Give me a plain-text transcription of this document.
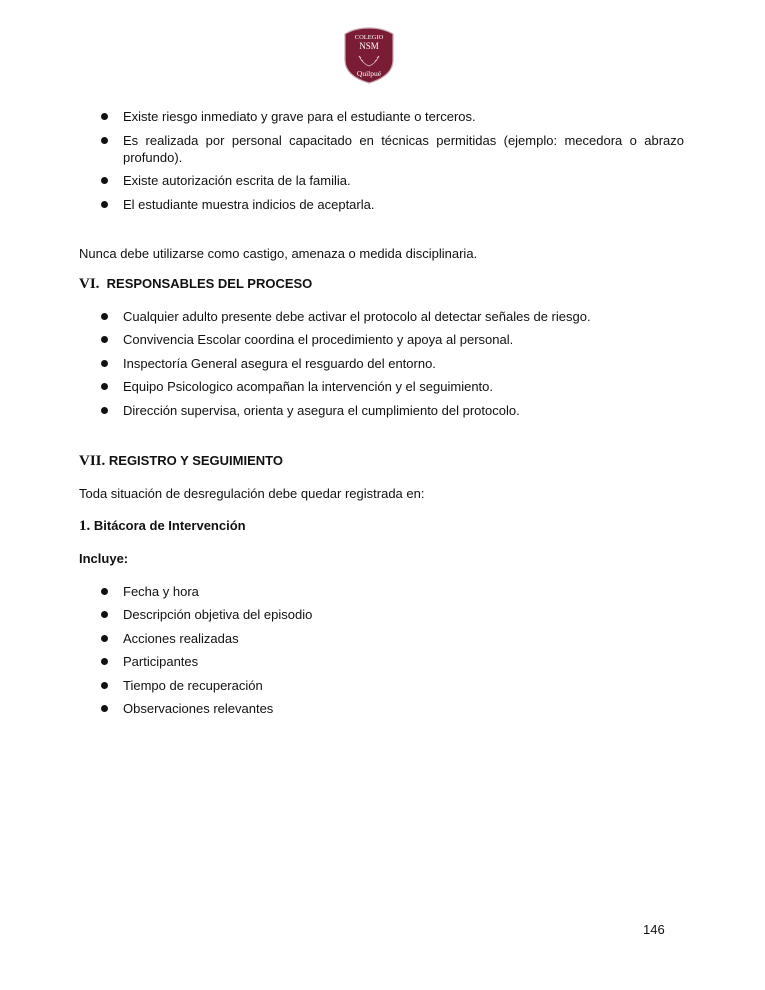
COLEGIO
NSM
Quilpué
Existe riesgo inmediato y grave para el estudiante o terceros.
Es realizada por personal capacitado en técnicas permitidas (ejemplo: mecedora o abrazo profundo).
Existe autorización escrita de la familia.
El estudiante muestra indicios de aceptarla.

Nunca debe utilizarse como castigo, amenaza o medida disciplinaria.

VI. RESPONSABLES DEL PROCESO
Cualquier adulto presente debe activar el protocolo al detectar señales de riesgo.
Convivencia Escolar coordina el procedimiento y apoya al personal.
Inspectoría General asegura el resguardo del entorno.
Equipo Psicologico acompañan la intervención y el seguimiento.
Dirección supervisa, orienta y asegura el cumplimiento del protocolo.
VII. REGISTRO Y SEGUIMIENTO

Toda situación de desregulación debe quedar registrada en:

1. Bitácora de Intervención
Incluye:
Fecha y hora
Descripción objetiva del episodio
Acciones realizadas
Participantes
Tiempo de recuperación
Observaciones relevantes
146
